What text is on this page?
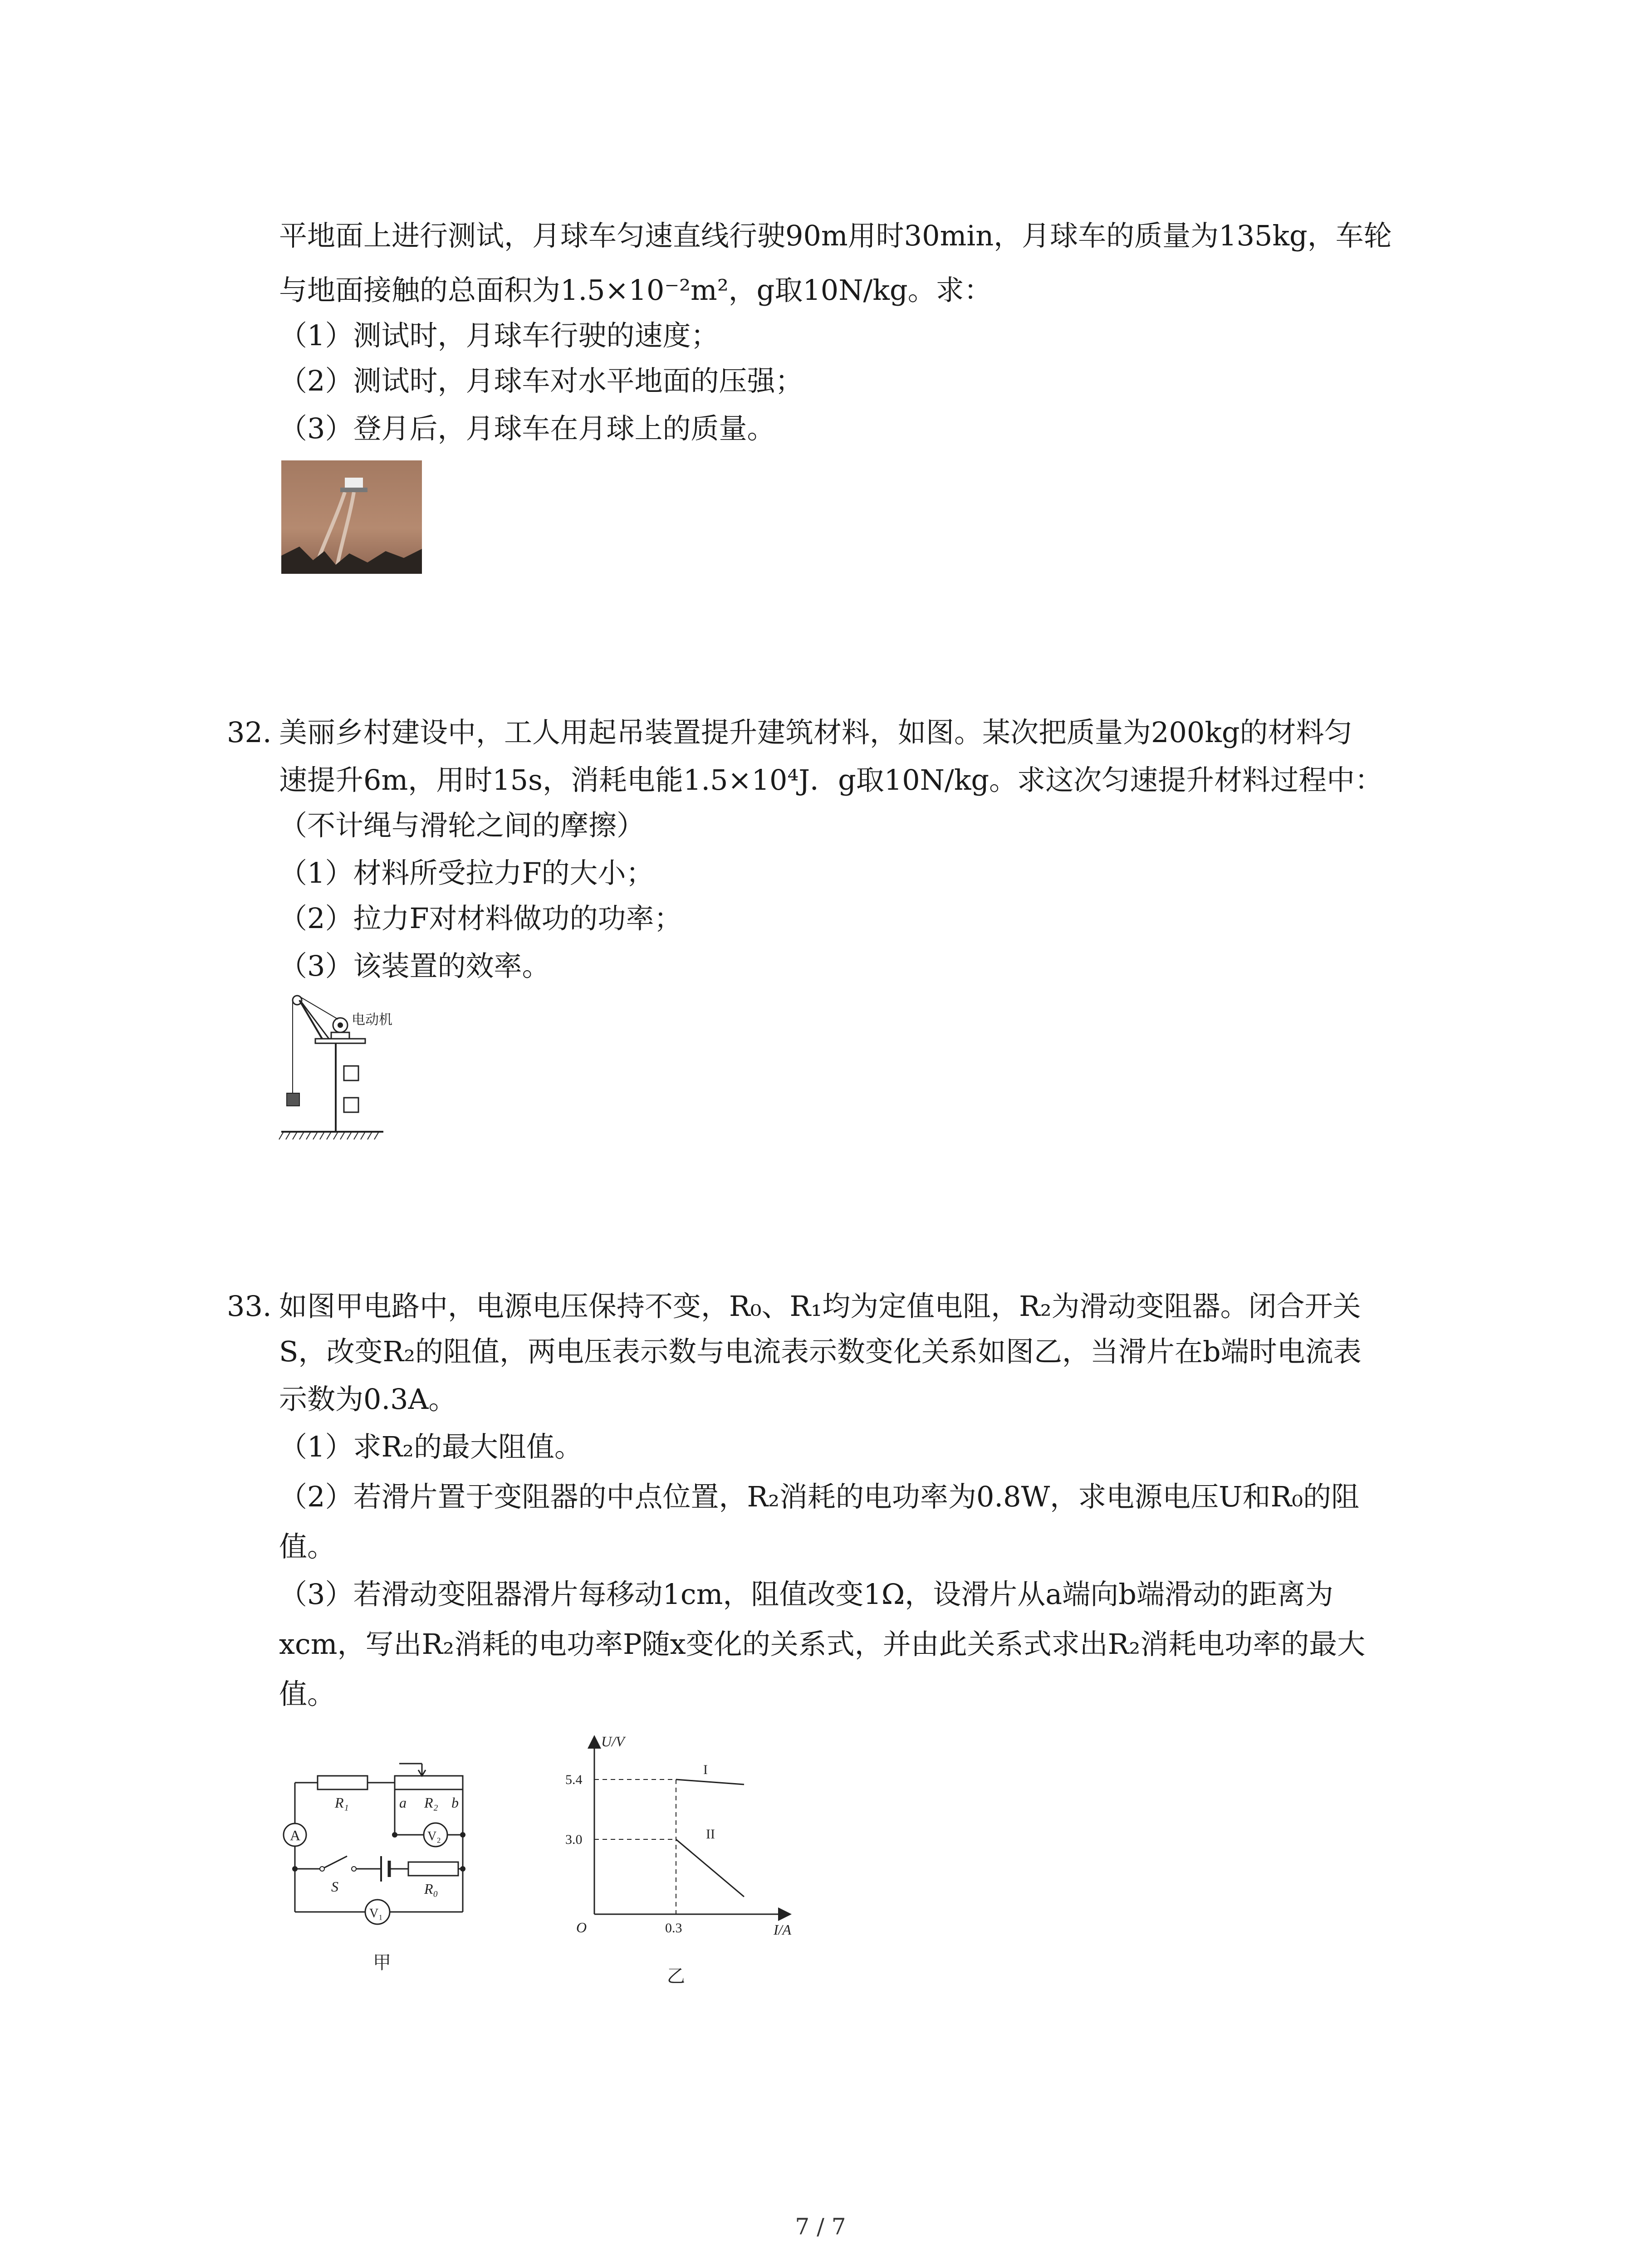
平地面上进行测试，月球车匀速直线行驶90m用时30min，月球车的质量为135kg，车轮
与地面接触的总面积为1.5×10⁻²m²，g取10N/kg。求：
（1）测试时，月球车行驶的速度；
（2）测试时，月球车对水平地面的压强；
（3）登月后，月球车在月球上的质量。
32. 美丽乡村建设中，工人用起吊装置提升建筑材料，如图。某次把质量为200kg的材料匀
速提升6m，用时15s，消耗电能1.5×10⁴J．g取10N/kg。求这次匀速提升材料过程中：
（不计绳与滑轮之间的摩擦）
（1）材料所受拉力F的大小；
（2）拉力F对材料做功的功率；
（3）该装置的效率。
电动机
33. 如图甲电路中，电源电压保持不变，R₀、R₁均为定值电阻，R₂为滑动变阻器。闭合开关
S，改变R₂的阻值，两电压表示数与电流表示数变化关系如图乙，当滑片在b端时电流表
示数为0.3A。
（1）求R₂的最大阻值。
（2）若滑片置于变阻器的中点位置，R₂消耗的电功率为0.8W，求电源电压U和R₀的阻
值。
（3）若滑动变阻器滑片每移动1cm，阻值改变1Ω，设滑片从a端向b端滑动的距离为
xcm，写出R₂消耗的电功率P随x变化的关系式，并由此关系式求出R₂消耗电功率的最大
值。
R₁	a R₂ b
A	V₂
V₁
S	R₀
甲
U/V
I/A
O
5.4
3.0
0.3
I
II
乙
7 / 7
